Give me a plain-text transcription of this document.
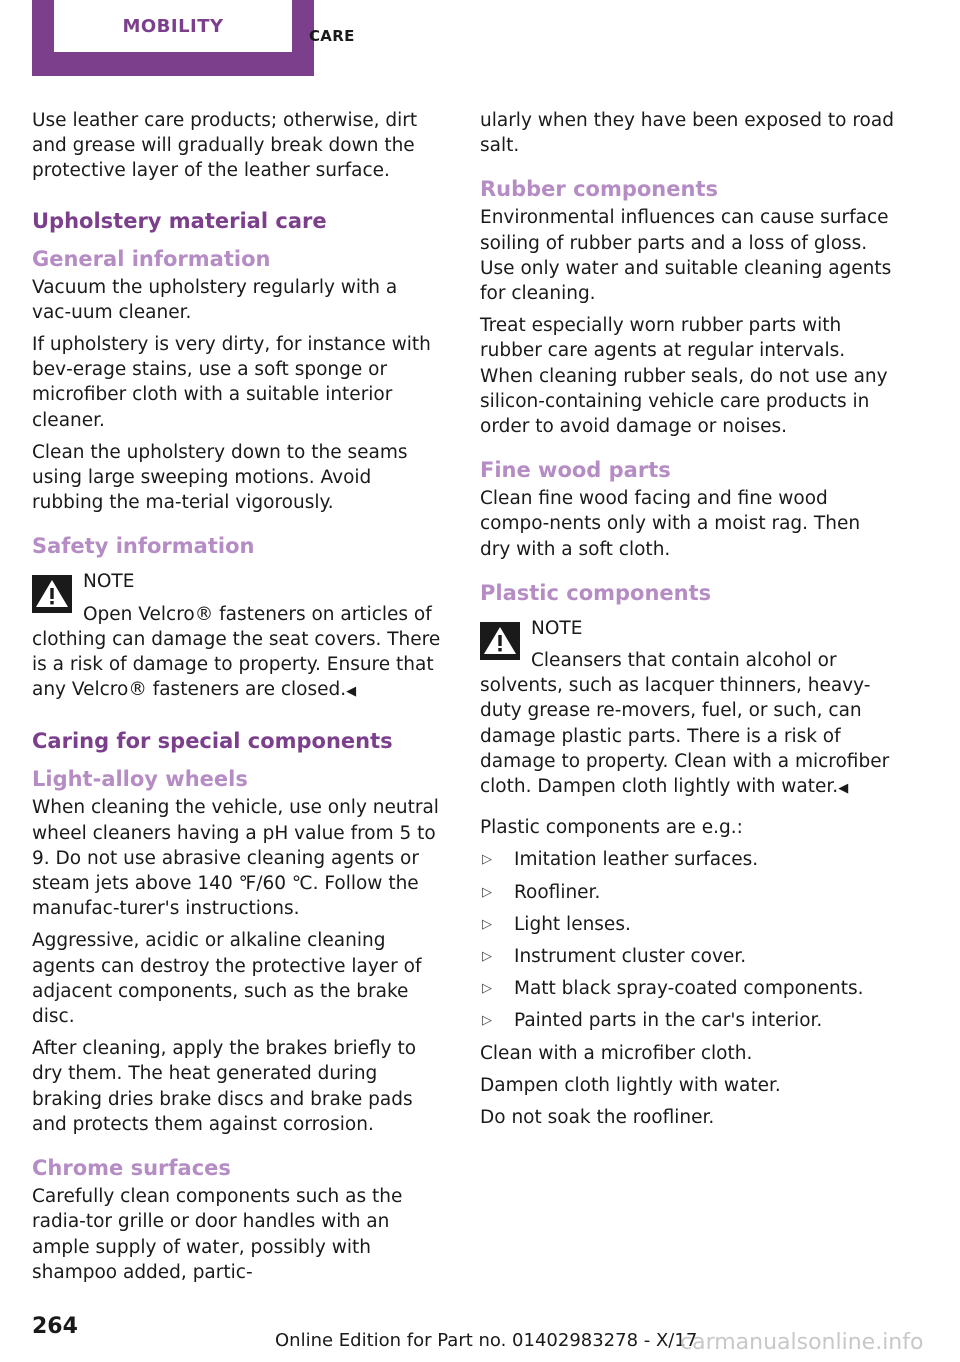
MOBILITY	CARE

Use leather care products; otherwise, dirt and grease will gradually break down the protective layer of the leather surface.

Upholstery material care
General information

Vacuum the upholstery regularly with a vac‑uum cleaner.

If upholstery is very dirty, for instance with bev‑erage stains, use a soft sponge or microfiber cloth with a suitable interior cleaner.

Clean the upholstery down to the seams using large sweeping motions. Avoid rubbing the ma‑terial vigorously.

Safety information

NOTE

Open Velcro® fasteners on articles of clothing can damage the seat covers. There is a risk of damage to property. Ensure that any Velcro® fasteners are closed.◀

Caring for special components
Light-alloy wheels

When cleaning the vehicle, use only neutral wheel cleaners having a pH value from 5 to 9. Do not use abrasive cleaning agents or steam jets above 140 ℉/60 ℃. Follow the manufac‑turer's instructions.

Aggressive, acidic or alkaline cleaning agents can destroy the protective layer of adjacent components, such as the brake disc.

After cleaning, apply the brakes briefly to dry them. The heat generated during braking dries brake discs and brake pads and protects them against corrosion.

Chrome surfaces

Carefully clean components such as the radia‑tor grille or door handles with an ample supply of water, possibly with shampoo added, partic‑

ularly when they have been exposed to road salt.

Rubber components

Environmental influences can cause surface soiling of rubber parts and a loss of gloss. Use only water and suitable cleaning agents for cleaning.

Treat especially worn rubber parts with rubber care agents at regular intervals. When cleaning rubber seals, do not use any silicon-containing vehicle care products in order to avoid damage or noises.

Fine wood parts

Clean fine wood facing and fine wood compo‑nents only with a moist rag. Then dry with a soft cloth.

Plastic components

NOTE

Cleansers that contain alcohol or solvents, such as lacquer thinners, heavy-duty grease re‑movers, fuel, or such, can damage plastic parts. There is a risk of damage to property. Clean with a microfiber cloth. Dampen cloth lightly with water.◀

Plastic components are e.g.:

▷ Imitation leather surfaces.
▷ Roofliner.
▷ Light lenses.
▷ Instrument cluster cover.
▷ Matt black spray-coated components.
▷ Painted parts in the car's interior.

Clean with a microfiber cloth.

Dampen cloth lightly with water.

Do not soak the roofliner.

264
Online Edition for Part no. 01402983278 - X/17
carmanualsonline.info
